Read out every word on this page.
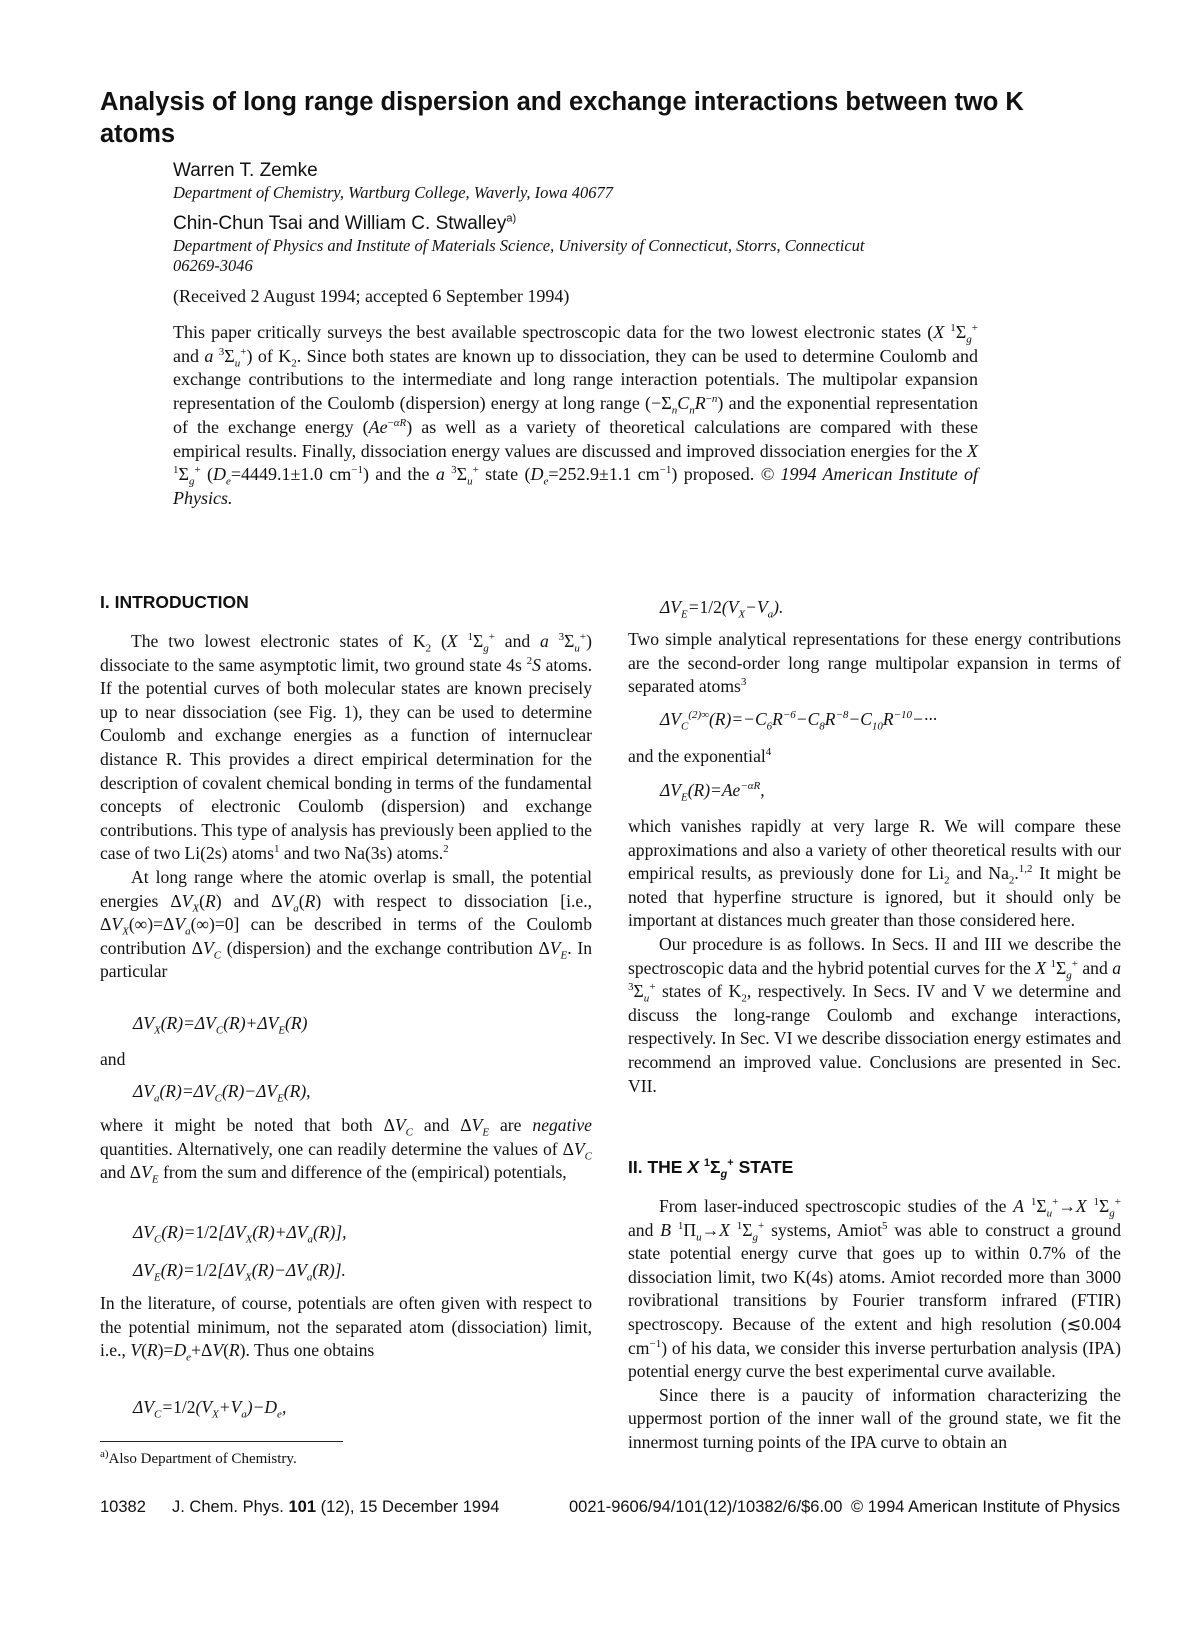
Analysis of long range dispersion and exchange interactions between two K atoms
Warren T. Zemke
Department of Chemistry, Wartburg College, Waverly, Iowa 40677
Chin-Chun Tsai and William C. Stwalley$^{a)}$
Department of Physics and Institute of Materials Science, University of Connecticut, Storrs, Connecticut 06269-3046
(Received 2 August 1994; accepted 6 September 1994)
This paper critically surveys the best available spectroscopic data for the two lowest electronic states (X $^1\Sigma_g^+$ and a $^3\Sigma_u^+$) of $K_2$. Since both states are known up to dissociation, they can be used to determine Coulomb and exchange contributions to the intermediate and long range interaction potentials. The multipolar expansion representation of the Coulomb (dispersion) energy at long range $(-\Sigma_nC_nR^{-n})$ and the exponential representation of the exchange energy $(Ae^{-\alpha R})$ as well as a variety of theoretical calculations are compared with these empirical results. Finally, dissociation energy values are discussed and improved dissociation energies for the X $^1\Sigma_g^+$ ($D_e=4449.1\pm 1.0$ $cm^{-1}$) and the a $^3\Sigma_u^+$ state ($D_e=252.9\pm 1.1$ $cm^{-1}$) proposed. © 1994 American Institute of Physics.
I. INTRODUCTION

The two lowest electronic states of $K_2$ (X $^1\Sigma_g^+$ and a $^3\Sigma_u^+$) dissociate to the same asymptotic limit, two ground state 4s $^2$S atoms. If the potential curves of both molecular states are known precisely up to near dissociation (see Fig. 1), they can be used to determine Coulomb and exchange energies as a function of internuclear distance R. This provides a direct empirical determination for the description of covalent chemical bonding in terms of the fundamental concepts of electronic Coulomb (dispersion) and exchange contributions. This type of analysis has previously been applied to the case of two Li(2s) atoms$^1$ and two Na(3s) atoms.$^2$

At long range where the atomic overlap is small, the potential energies $\Delta V_X(R)$ and $\Delta V_a(R)$ with respect to dissociation [i.e., $\Delta V_X(\infty)=\Delta V_a(\infty)=0$] can be described in terms of the Coulomb contribution $\Delta V_C$ (dispersion) and the exchange contribution $\Delta V_E$. In particular

$\Delta V_X(R)=\Delta V_C(R)+\Delta V_E(R)$
and
$\Delta V_a(R)=\Delta V_C(R)-\Delta V_E(R)$,

where it might be noted that both $\Delta V_C$ and $\Delta V_E$ are negative quantities. Alternatively, one can readily determine the values of $\Delta V_C$ and $\Delta V_E$ from the sum and difference of the (empirical) potentials,

$\Delta V_C(R)=1/2[\Delta V_X(R)+\Delta V_a(R)]$,
$\Delta V_E(R)=1/2[\Delta V_X(R)-\Delta V_a(R)]$.

In the literature, of course, potentials are often given with respect to the potential minimum, not the separated atom (dissociation) limit, i.e., $V(R)=D_e+\Delta V(R)$. Thus one obtains

$\Delta V_C=1/2(V_X+V_a)-D_e$,
$^{a)}$Also Department of Chemistry.
$\Delta V_E=1/2(V_X-V_a)$.

Two simple analytical representations for these energy contributions are the second-order long range multipolar expansion in terms of separated atoms$^3$

$\Delta V_C^{(2)\infty}(R)=-C_6R^{-6}-C_8R^{-8}-C_{10}R^{-10}-\cdot\cdot\cdot$
and the exponential$^4$
$\Delta V_E(R)=Ae^{-\alpha R}$,

which vanishes rapidly at very large R. We will compare these approximations and also a variety of other theoretical results with our empirical results, as previously done for $Li_2$ and $Na_2.^{1,2}$ It might be noted that hyperfine structure is ignored, but it should only be important at distances much greater than those considered here.

Our procedure is as follows. In Secs. II and III we describe the spectroscopic data and the hybrid potential curves for the X $^1\Sigma_g^+$ and a $^3\Sigma_u^+$ states of $K_2$, respectively. In Secs. IV and V we determine and discuss the long-range Coulomb and exchange interactions, respectively. In Sec. VI we describe dissociation energy estimates and recommend an improved value. Conclusions are presented in Sec. VII.

II. THE X $^1\Sigma_g^+$ STATE

From laser-induced spectroscopic studies of the A $^1\Sigma_u^+\to X$ $^1\Sigma_g^+$ and B $^1\Pi_u\to X$ $^1\Sigma_g^+$ systems, Amiot$^5$ was able to construct a ground state potential energy curve that goes up to within 0.7% of the dissociation limit, two K(4s) atoms. Amiot recorded more than 3000 rovibrational transitions by Fourier transform infrared (FTIR) spectroscopy. Because of the extent and high resolution (≲0.004 $cm^{-1}$) of his data, we consider this inverse perturbation analysis (IPA) potential energy curve the best experimental curve available.

Since there is a paucity of information characterizing the uppermost portion of the inner wall of the ground state, we fit the innermost turning points of the IPA curve to obtain an

10382 J. Chem. Phys. 101 (12), 15 December 1994	0021-9606/94/101(12)/10382/6/$6.00 © 1994 American Institute of Physics
